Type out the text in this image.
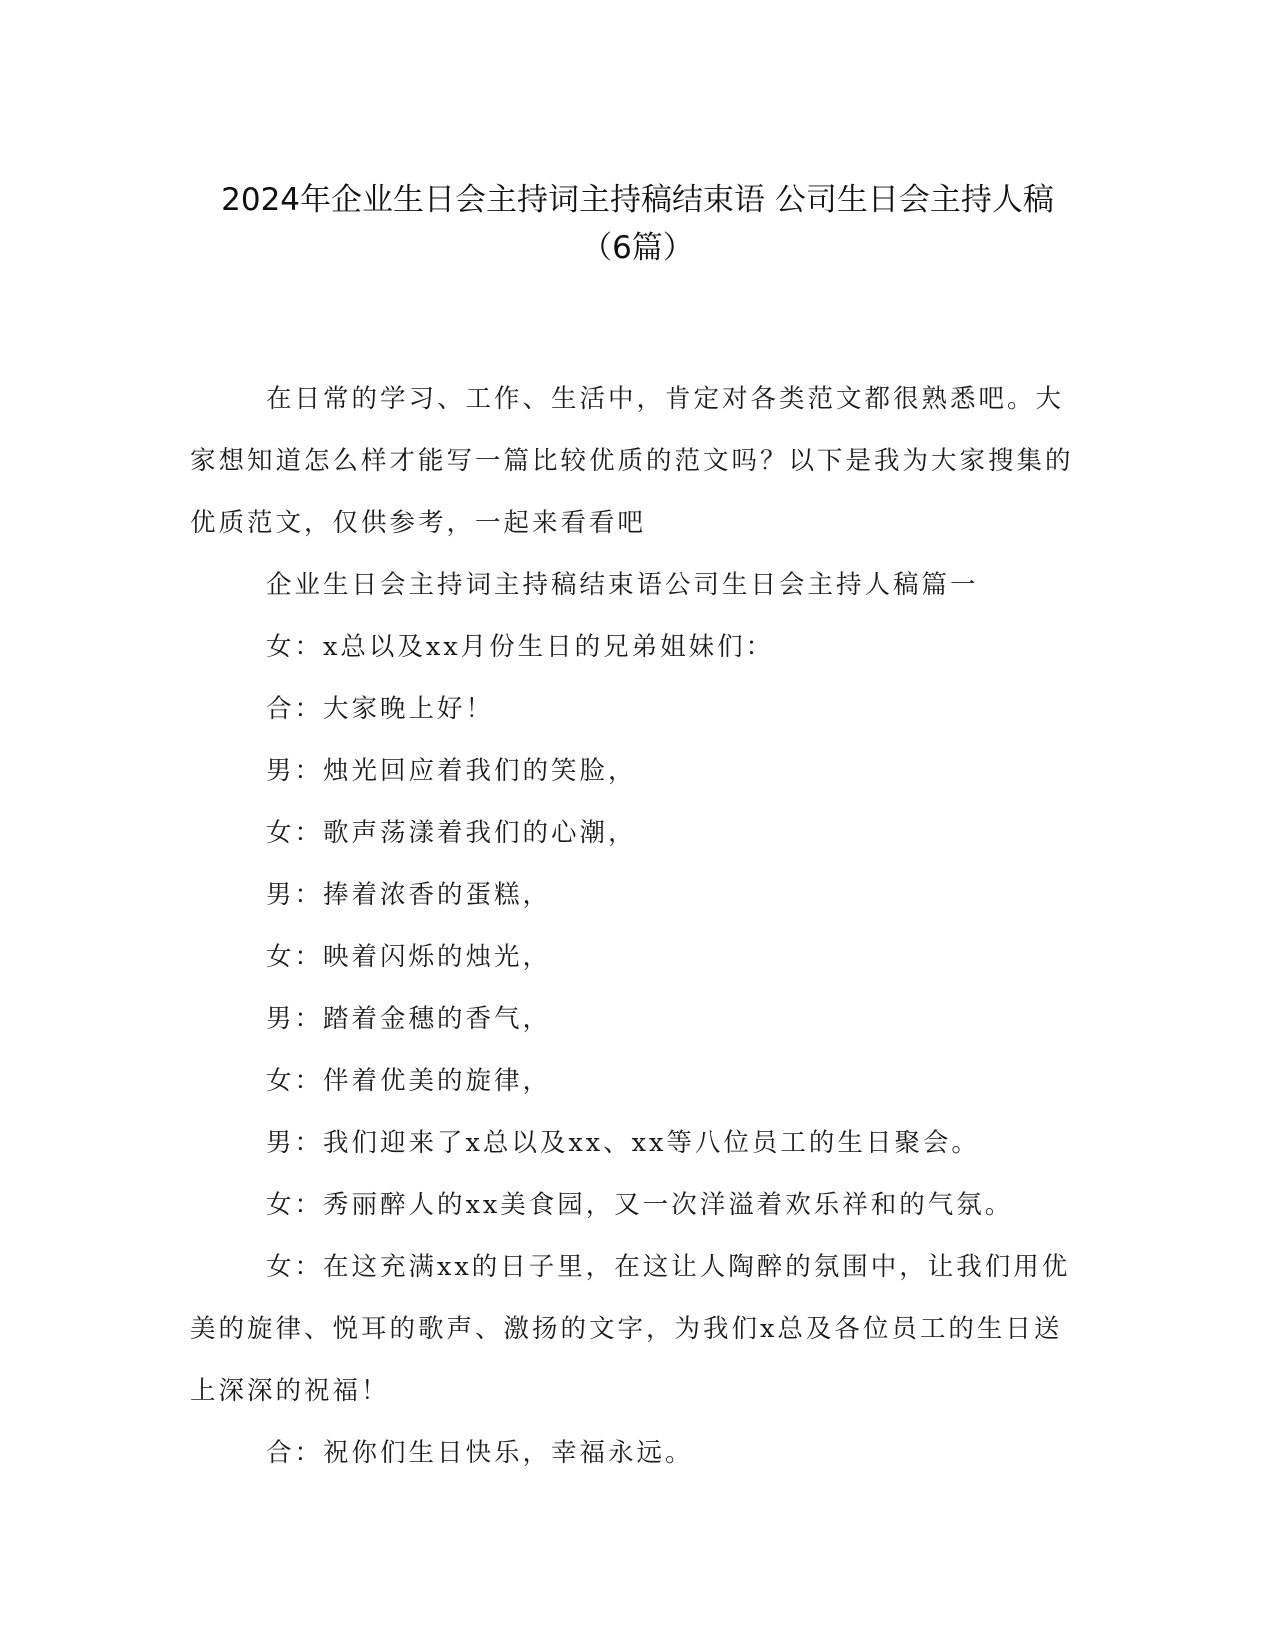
2024年企业生日会主持词主持稿结束语 公司生日会主持人稿
（6篇）

在日常的学习、工作、生活中，肯定对各类范文都很熟悉吧。大家想知道怎么样才能写一篇比较优质的范文吗？以下是我为大家搜集的优质范文，仅供参考，一起来看看吧

企业生日会主持词主持稿结束语公司生日会主持人稿篇一

女：x总以及xx月份生日的兄弟姐妹们：

合：大家晚上好！

男：烛光回应着我们的笑脸，

女：歌声荡漾着我们的心潮，

男：捧着浓香的蛋糕，

女：映着闪烁的烛光，

男：踏着金穗的香气，

女：伴着优美的旋律，

男：我们迎来了x总以及xx、xx等八位员工的生日聚会。

女：秀丽醉人的xx美食园，又一次洋溢着欢乐祥和的气氛。

女：在这充满xx的日子里，在这让人陶醉的氛围中，让我们用优美的旋律、悦耳的歌声、激扬的文字，为我们x总及各位员工的生日送上深深的祝福！

合：祝你们生日快乐，幸福永远。
